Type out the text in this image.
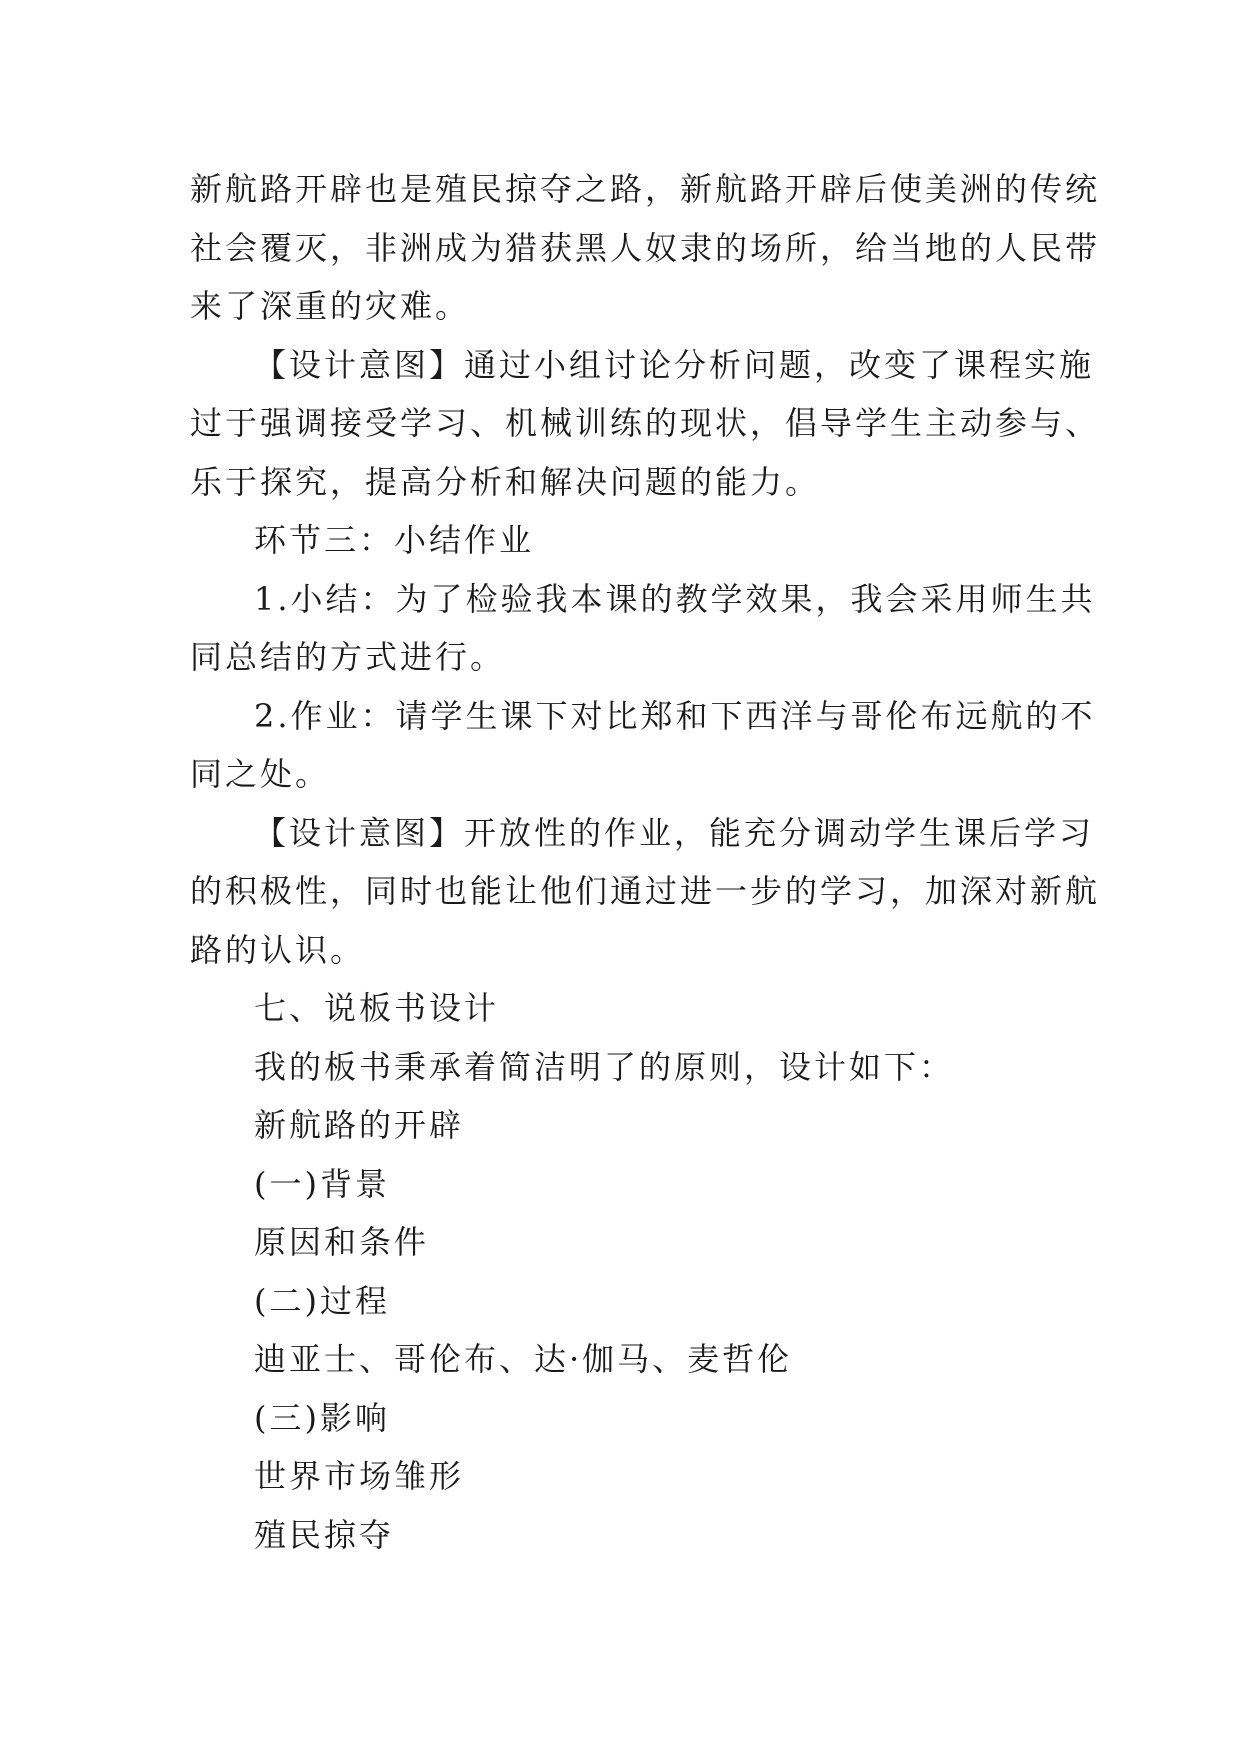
新航路开辟也是殖民掠夺之路，新航路开辟后使美洲的传统
社会覆灭，非洲成为猎获黑人奴隶的场所，给当地的人民带
来了深重的灾难。
【设计意图】通过小组讨论分析问题，改变了课程实施
过于强调接受学习、机械训练的现状，倡导学生主动参与、
乐于探究，提高分析和解决问题的能力。
环节三：小结作业
1.小结：为了检验我本课的教学效果，我会采用师生共
同总结的方式进行。
2.作业：请学生课下对比郑和下西洋与哥伦布远航的不
同之处。
【设计意图】开放性的作业，能充分调动学生课后学习
的积极性，同时也能让他们通过进一步的学习，加深对新航
路的认识。
七、说板书设计
我的板书秉承着简洁明了的原则，设计如下：
新航路的开辟
(一)背景
原因和条件
(二)过程
迪亚士、哥伦布、达·伽马、麦哲伦
(三)影响
世界市场雏形
殖民掠夺
